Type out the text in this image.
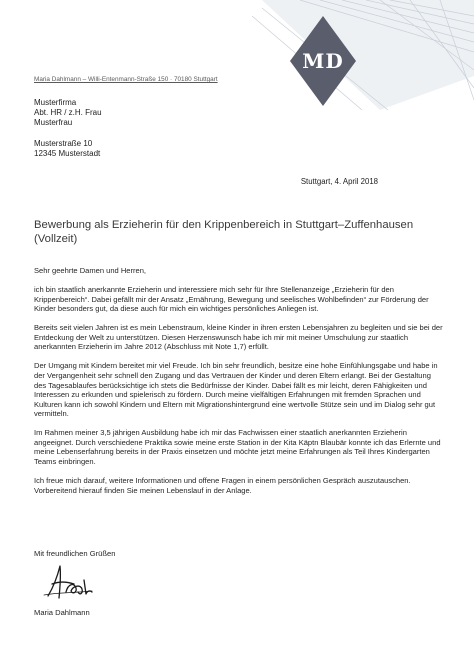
MD
Maria Dahlmann – Willi-Entenmann-Straße 150 · 70180 Stuttgart
Musterfirma
Abt. HR / z.H. Frau
Musterfrau
Musterstraße 10
12345 Musterstadt
Stuttgart, 4. April 2018
Bewerbung als Erzieherin für den Krippenbereich in Stuttgart–Zuffenhausen (Vollzeit)

Sehr geehrte Damen und Herren,

ich bin staatlich anerkannte Erzieherin und interessiere mich sehr für Ihre Stellenanzeige „Erzieherin für den Krippenbereich“. Dabei gefällt mir der Ansatz „Ernährung, Bewegung und seelisches Wohlbefinden“ zur Förderung der Kinder besonders gut, da diese auch für mich ein wichtiges persönliches Anliegen ist.

Bereits seit vielen Jahren ist es mein Lebenstraum, kleine Kinder in ihren ersten Lebensjahren zu begleiten und sie bei der Entdeckung der Welt zu unterstützen. Diesen Herzenswunsch habe ich mir mit meiner Umschulung zur staatlich anerkannten Erzieherin im Jahre 2012 (Abschluss mit Note 1,7) erfüllt.

Der Umgang mit Kindern bereitet mir viel Freude. Ich bin sehr freundlich, besitze eine hohe Einfühlungsgabe und habe in der Vergangenheit sehr schnell den Zugang und das Vertrauen der Kinder und deren Eltern erlangt. Bei der Gestaltung des Tagesablaufes berücksichtige ich stets die Bedürfnisse der Kinder. Dabei fällt es mir leicht, deren Fähigkeiten und Interessen zu erkunden und spielerisch zu fördern. Durch meine vielfältigen Erfahrungen mit fremden Sprachen und Kulturen kann ich sowohl Kindern und Eltern mit Migrationshintergrund eine wertvolle Stütze sein und im Dialog sehr gut vermitteln.

Im Rahmen meiner 3,5 jährigen Ausbildung habe ich mir das Fachwissen einer staatlich anerkannten Erzieherin angeeignet. Durch verschiedene Praktika sowie meine erste Station in der Kita Käptn Blaubär konnte ich das Erlernte und meine Lebenserfahrung bereits in der Praxis einsetzen und möchte jetzt meine Erfahrungen als Teil Ihres Kindergarten Teams einbringen.

Ich freue mich darauf, weitere Informationen und offene Fragen in einem persönlichen Gespräch auszutauschen. Vorbereitend hierauf finden Sie meinen Lebenslauf in der Anlage.

Mit freundlichen Grüßen
Maria Dahlmann
